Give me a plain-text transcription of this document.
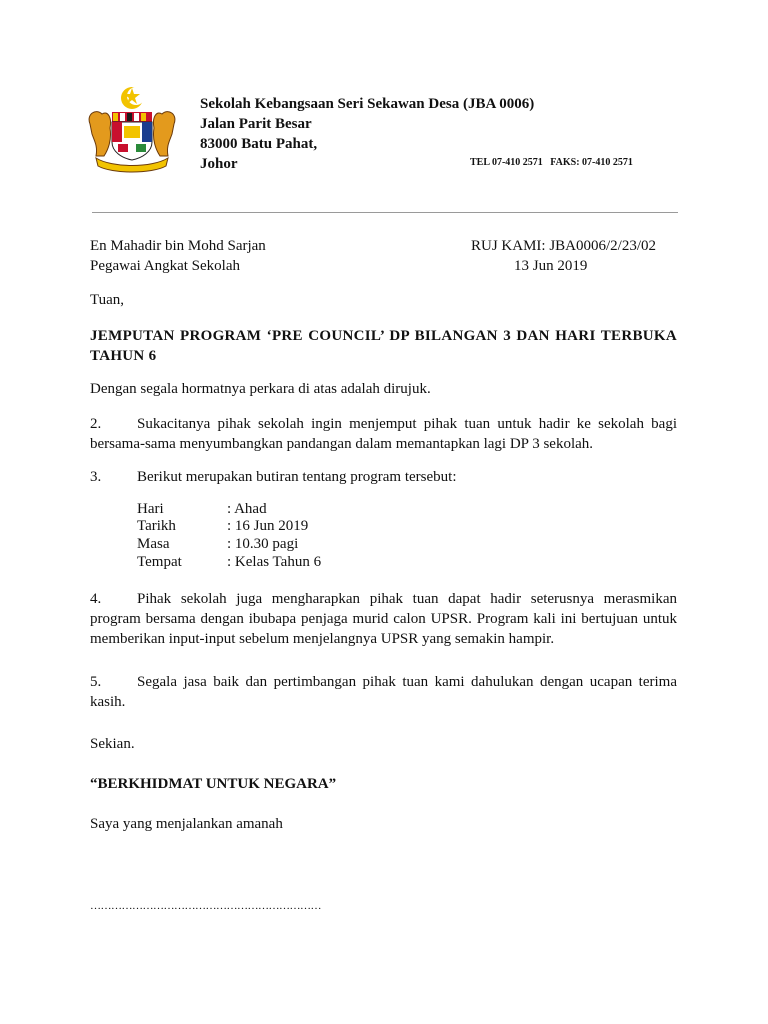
Sekolah Kebangsaan Seri Sekawan Desa (JBA 0006)
Jalan Parit Besar
83000 Batu Pahat,
Johor	TEL 07-410 2571   FAKS: 07-410 2571
En Mahadir bin Mohd Sarjan
Pegawai Angkat Sekolah
RUJ KAMI: JBA0006/2/23/02
13 Jun 2019
Tuan,
JEMPUTAN PROGRAM ‘PRE COUNCIL’ DP BILANGAN 3 DAN HARI TERBUKA TAHUN 6
Dengan segala hormatnya perkara di atas adalah dirujuk.
Sukacitanya pihak sekolah ingin menjemput pihak tuan untuk hadir ke sekolah bagi bersama-sama menyumbangkan pandangan dalam memantapkan lagi DP 3 sekolah.
2.
3. Berikut merupakan butiran tentang program tersebut:
Hari	: Ahad
Tarikh	: 16 Jun 2019
Masa	: 10.30 pagi
Tempat	: Kelas Tahun 6
Pihak sekolah juga mengharapkan pihak tuan dapat hadir seterusnya merasmikan program bersama dengan ibubapa penjaga murid calon UPSR. Program kali ini bertujuan untuk memberikan input-input sebelum menjelangnya UPSR yang semakin hampir.
4.
Segala jasa baik dan pertimbangan pihak tuan kami dahulukan dengan ucapan terima kasih.
5.
Sekian.
“BERKHIDMAT UNTUK NEGARA”
Saya yang menjalankan amanah
…………………………………………………………
